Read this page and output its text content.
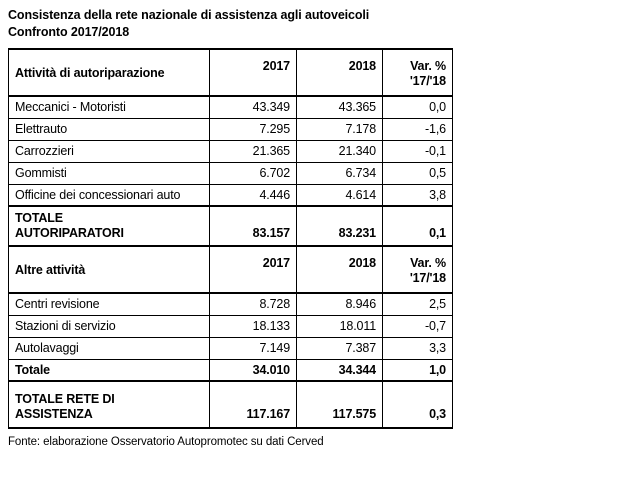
Consistenza della rete nazionale di assistenza agli autoveicoli
Confronto 2017/2018
Attività di autoriparazione	2017	2018	Var. %
'17/'18

Meccanici - Motoristi	43.349	43.365	0,0
Elettrauto	7.295	7.178	-1,6
Carrozzieri	21.365	21.340	-0,1
Gommisti	6.702	6.734	0,5
Officine dei concessionari auto	4.446	4.614	3,8

TOTALE
AUTORIPARATORI	83.157	83.231	0,1
Altre attività	2017	2018	Var. %
'17/'18

Centri revisione	8.728	8.946	2,5
Stazioni di servizio	18.133	18.011	-0,7
Autolavaggi	7.149	7.387	3,3
Totale	34.010	34.344	1,0

TOTALE RETE DI
ASSISTENZA	117.167	117.575	0,3
Fonte: elaborazione Osservatorio Autopromotec su dati Cerved
